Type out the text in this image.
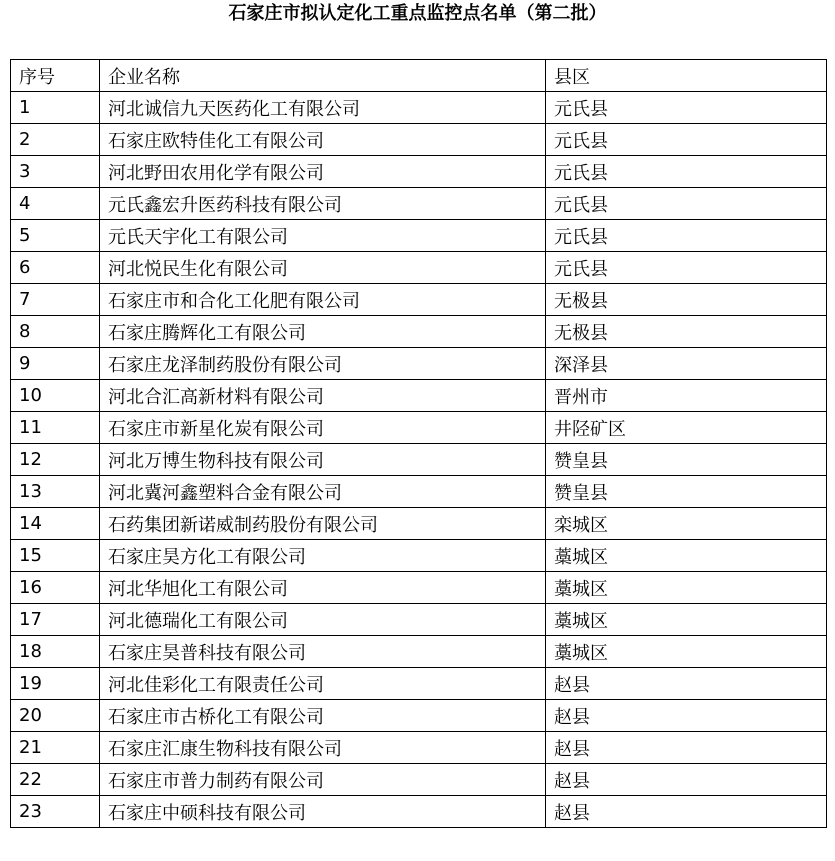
石家庄市拟认定化工重点监控点名单（第二批）
序号	企业名称	县区
1	河北诚信九天医药化工有限公司	元氏县
2	石家庄欧特佳化工有限公司	元氏县
3	河北野田农用化学有限公司	元氏县
4	元氏鑫宏升医药科技有限公司	元氏县
5	元氏天宇化工有限公司	元氏县
6	河北悦民生化有限公司	元氏县
7	石家庄市和合化工化肥有限公司	无极县
8	石家庄腾辉化工有限公司	无极县
9	石家庄龙泽制药股份有限公司	深泽县
10	河北合汇高新材料有限公司	晋州市
11	石家庄市新星化炭有限公司	井陉矿区
12	河北万博生物科技有限公司	赞皇县
13	河北冀河鑫塑料合金有限公司	赞皇县
14	石药集团新诺威制药股份有限公司	栾城区
15	石家庄昊方化工有限公司	藁城区
16	河北华旭化工有限公司	藁城区
17	河北德瑞化工有限公司	藁城区
18	石家庄昊普科技有限公司	藁城区
19	河北佳彩化工有限责任公司	赵县
20	石家庄市古桥化工有限公司	赵县
21	石家庄汇康生物科技有限公司	赵县
22	石家庄市普力制药有限公司	赵县
23	石家庄中硕科技有限公司	赵县
